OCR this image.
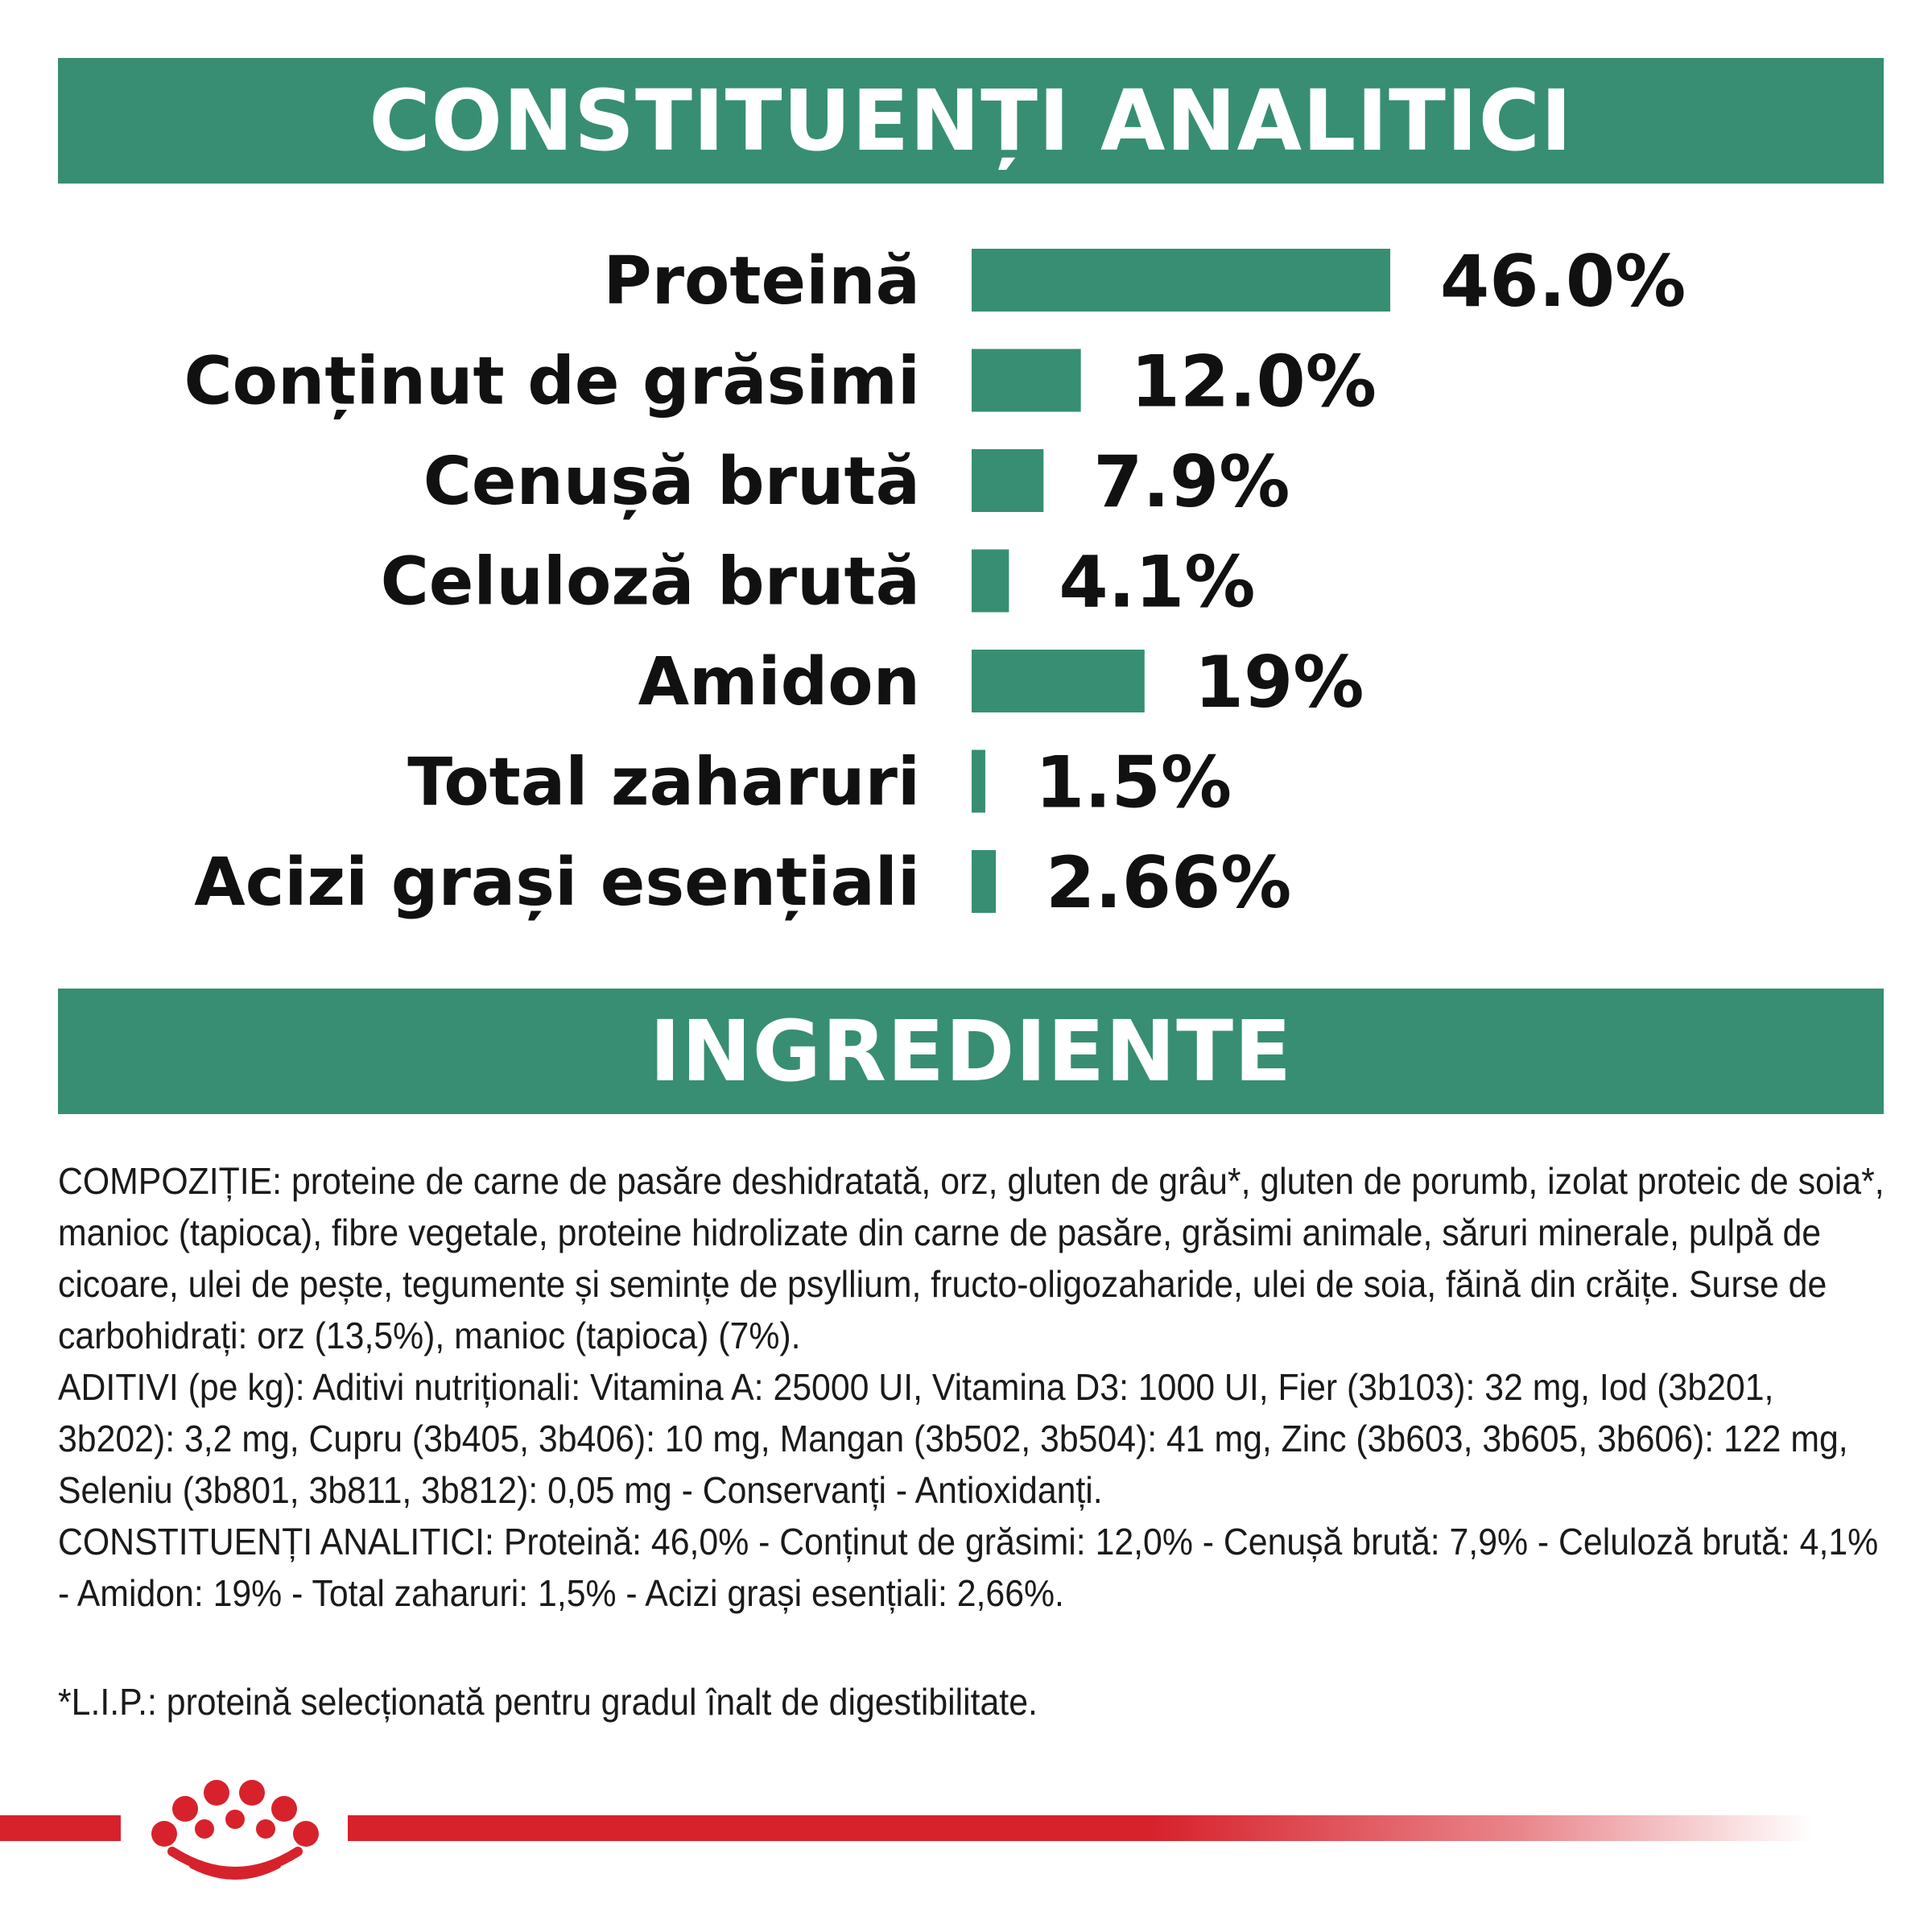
CONSTITUENȚI ANALITICI
Proteină	46.0%
Conținut de grăsimi	12.0%
Cenușă brută 7.9%
Celuloză brută 4.1%
Amidon	19%
Total zaharuri 1.5%
Acizi grași esențiali 2.66%
INGREDIENTE

COMPOZIȚIE: proteine de carne de pasăre deshidratată, orz, gluten de grâu*, gluten de porumb, izolat proteic de soia*, manioc (tapioca), fibre vegetale, proteine hidrolizate din carne de pasăre, grăsimi animale, săruri minerale, pulpă de cicoare, ulei de pește, tegumente și semințe de psyllium, fructo-oligozaharide, ulei de soia, făină din crăițe. Surse de carbohidrați: orz (13,5%), manioc (tapioca) (7%).

ADITIVI (pe kg): Aditivi nutriționali: Vitamina A: 25000 UI, Vitamina D3: 1000 UI, Fier (3b103): 32 mg, Iod (3b201, 3b202): 3,2 mg, Cupru (3b405, 3b406): 10 mg, Mangan (3b502, 3b504): 41 mg, Zinc (3b603, 3b605, 3b606): 122 mg, Seleniu (3b801, 3b811, 3b812): 0,05 mg - Conservanți - Antioxidanți.

CONSTITUENȚI ANALITICI: Proteină: 46,0% - Conținut de grăsimi: 12,0% - Cenușă brută: 7,9% - Celuloză brută: 4,1% - Amidon: 19% - Total zaharuri: 1,5% - Acizi grași esențiali: 2,66%.

*L.I.P.: proteină selecționată pentru gradul înalt de digestibilitate.
